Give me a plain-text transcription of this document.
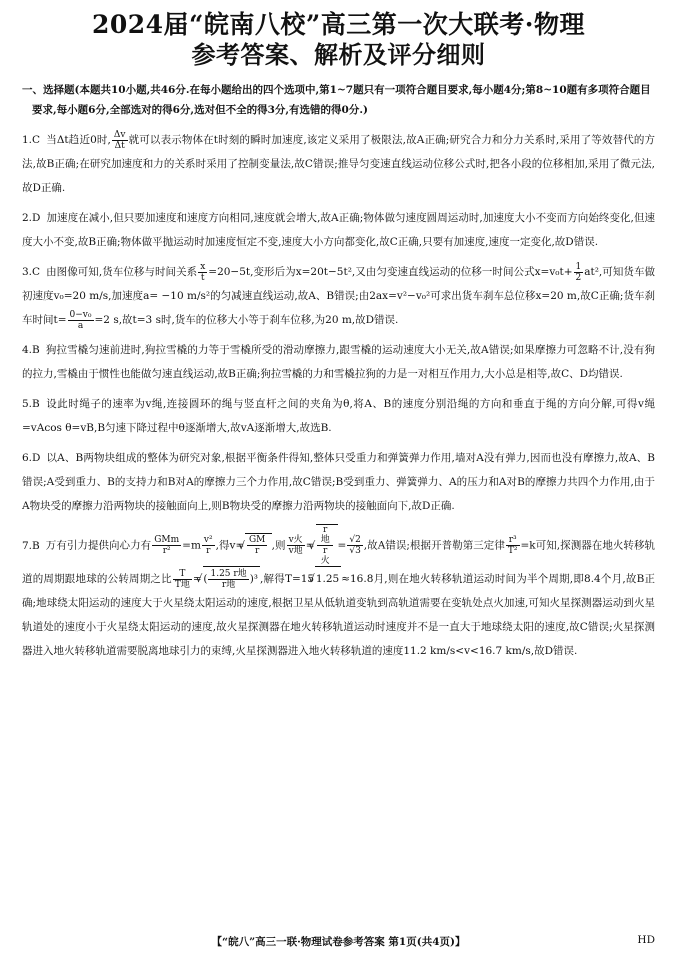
2024届“皖南八校”高三第一次大联考·物理
参考答案、解析及评分细则

一、选择题(本题共10小题,共46分.在每小题给出的四个选项中,第1~7题只有一项符合题目要求,每小题4分;第8~10题有多项符合题目要求,每小题6分,全部选对的得6分,选对但不全的得3分,有选错的得0分.)

1.C 当Δt趋近0时, $\frac{\Delta v}{\Delta t}$ 就可以表示物体在t时刻的瞬时加速度,该定义采用了极限法,故A正确;研究合力和分力关系时,采用了等效替代的方法,故B正确;在研究加速度和力的关系时采用了控制变量法,故C错误;推导匀变速直线运动位移公式时,把各小段的位移相加,采用了微元法,故D正确.

2.D 加速度在减小,但只要加速度和速度方向相同,速度就会增大,故A正确;物体做匀速度圆周运动时,加速度大小不变而方向始终变化,但速度大小不变,故B正确;物体做平抛运动时加速度恒定不变,速度大小方向都变化,故C正确,只要有加速度,速度一定变化,故D错误.

3.C 由图像可知,货车位移与时间关系 $\frac{x}{t} =20-5t$,变形后为x=20t−5t²,又由匀变速直线运动的位移一时间公式$x=v_0t+ \frac{1}{2} at^2$,可知货车做初速度v₀=20 m/s,加速度a= −10 m/s²的匀减速直线运动,故A、B错误;由2ax=v²−v₀²可求出货车刹车总位移x=20 m,故C正确;货车刹车时间$t= \frac{\text{0−v₀}}{a} =2$ s,故t=3 s时,货车的位移大小等于刹车位移,为20 m,故D错误.

4.B 狗拉雪橇匀速前进时,狗拉雪橇的力等于雪橇所受的滑动摩擦力,跟雪橇的运动速度大小无关,故A错误;如果摩擦力可忽略不计,没有狗的拉力,雪橇由于惯性也能做匀速直线运动,故B正确;狗拉雪橇的力和雪橇拉狗的力是一对相互作用力,大小总是相等,故C、D均错误.

5.B 设此时绳子的速率为v绳,连接圆环的绳与竖直杆之间的夹角为θ,将A、B的速度分别沿绳的方向和垂直于绳的方向分解,可得v绳=vAcos θ=vB,B匀速下降过程中θ逐渐增大,故vA逐渐增大,故选B.

6.D 以A、B两物块组成的整体为研究对象,根据平衡条件得知,整体只受重力和弹簧弹力作用,墙对A没有弹力,因而也没有摩擦力,故A、B错误;A受到重力、B的支持力和B对A的摩擦力三个力作用,故C错误;B受到重力、弹簧弹力、A的压力和A对B的摩擦力共四个力作用,由于A物块受的摩擦力沿两物块的接触面向上,则B物块受的摩擦力沿两物块的接触面向下,故D正确.

7.B 万有引力提供向心力有 $\frac{\text{GMm}}{\text{r²}} =m \frac{\text{v²}}{r}$ ,得v= √ $\frac{GM}{r}$ ,则 $\frac{\text{v火}}{\text{v地}}$ = √ $\frac{\text{r地}}{\text{r火}} = \frac{√2}{√3}$ ,故A错误;根据开普勒第三定律 $\frac{\text{r³}}{\text{T²}} =k$可知,探测器在地火转移轨道的周期跟地球的公转周期之比 $\frac{T}{\text{T地}}$ = √ ( $\frac{\text{1.25 r地}}{\text{r地}} )^3$ ,解得T=15 √ 1.25 ≈16.8月,则在地火转移轨道运动时间为半个周期,即8.4个月,故B正确;地球绕太阳运动的速度大于火星绕太阳运动的速度,根据卫星从低轨道变轨到高轨道需要在变轨处点火加速,可知火星探测器运动到火星轨道处的速度小于火星绕太阳运动的速度,故火星探测器在地火转移轨道运动时速度并不是一直大于地球绕太阳的速度,故C错误;火星探测器进入地火转移轨道需要脱离地球引力的束缚,火星探测器进入地火转移轨道的速度11.2 km/s<v<16.7 km/s,故D错误.

【“皖八”高三一联·物理试卷参考答案 第1页(共4页)】	HD
